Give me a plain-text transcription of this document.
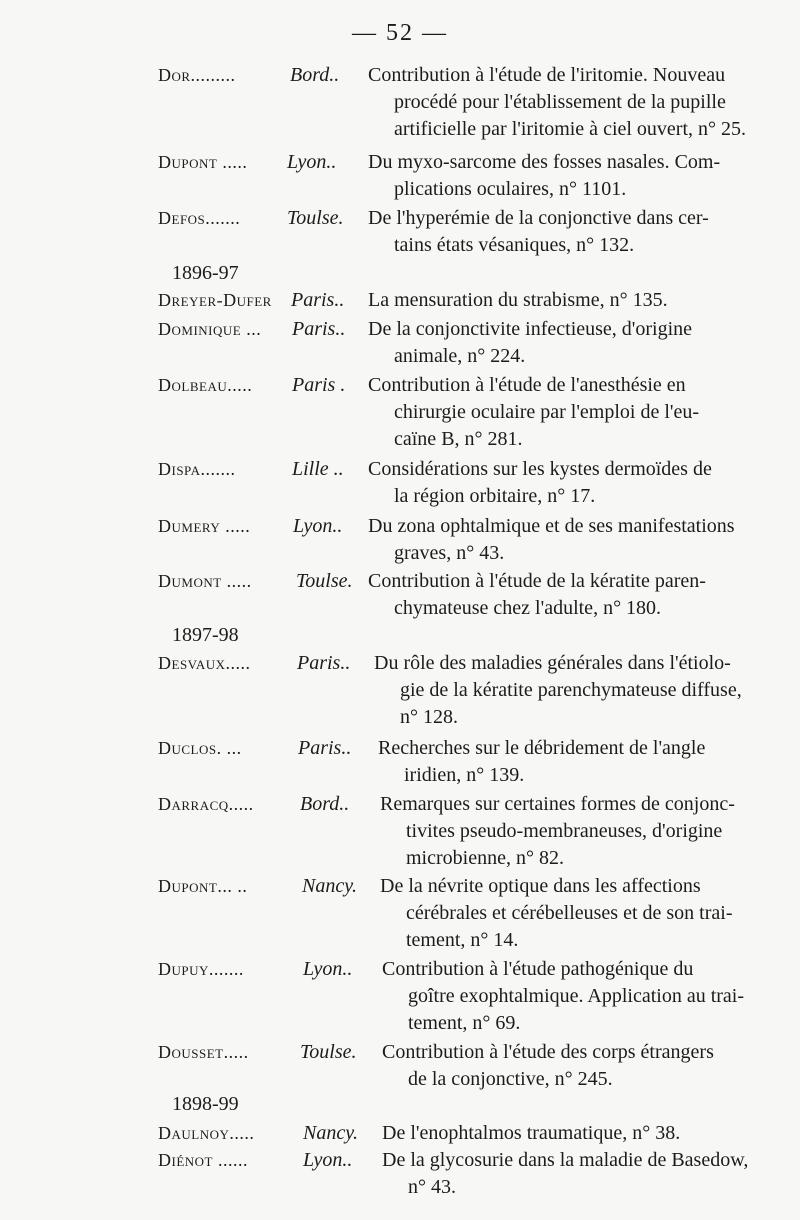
— 52 —
Dor.........	Bord.. Contribution à l'étude de l'iritomie. Nouveau
procédé pour l'établissement de la pupille
artificielle par l'iritomie à ciel ouvert, n° 25.
Dupont ..... Lyon.. Du myxo-sarcome des fosses nasales. Com-
plications oculaires, n° 1101.
Defos....... Toulse. De l'hyperémie de la conjonctive dans cer-
tains états vésaniques, n° 132.
1896-97
Dreyer-Dufer Paris.. La mensuration du strabisme, n° 135.
Dominique ... Paris.. De la conjonctivite infectieuse, d'origine
animale, n° 224.
Dolbeau..... Paris . Contribution à l'étude de l'anesthésie en
chirurgie oculaire par l'emploi de l'eu-
caïne B, n° 281.
Dispa.......	Lille .. Considérations sur les kystes dermoïdes de
la région orbitaire, n° 17.
Dumery ..... Lyon.. Du zona ophtalmique et de ses manifestations
graves, n° 43.
Dumont ..... Toulse. Contribution à l'étude de la kératite paren-
chymateuse chez l'adulte, n° 180.
1897-98
Desvaux..... Paris.. Du rôle des maladies générales dans l'étiolo-
gie de la kératite parenchymateuse diffuse,
n° 128.
Duclos. ...	Paris.. Recherches sur le débridement de l'angle
iridien, n° 139.
Darracq..... Bord.. Remarques sur certaines formes de conjonc-
tivites pseudo-membraneuses, d'origine
microbienne, n° 82.
Dupont... ..	Nancy. De la névrite optique dans les affections
cérébrales et cérébelleuses et de son trai-
tement, n° 14.
Dupuy.......	Lyon.. Contribution à l'étude pathogénique du
goître exophtalmique. Application au trai-
tement, n° 69.
Dousset.....	Toulse. Contribution à l'étude des corps étrangers
de la conjonctive, n° 245.
1898-99
Daulnoy..... Nancy. De l'enophtalmos traumatique, n° 38.
Diénot ......	Lyon.. De la glycosurie dans la maladie de Basedow,
n° 43.
